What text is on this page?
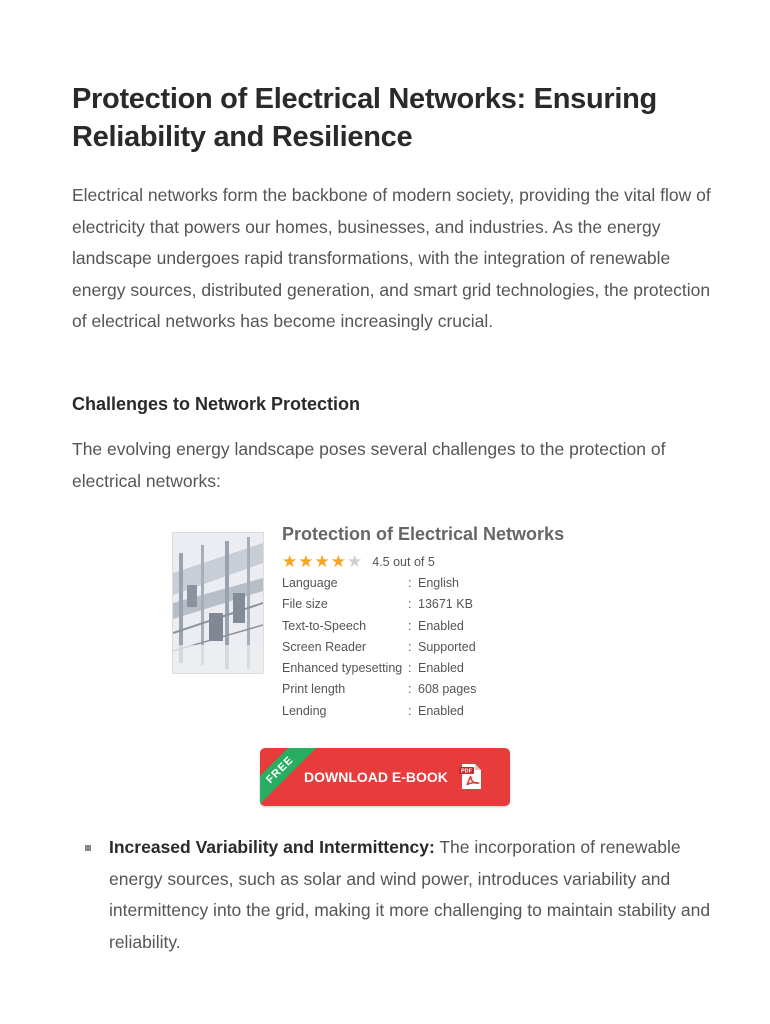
Protection of Electrical Networks: Ensuring Reliability and Resilience

Electrical networks form the backbone of modern society, providing the vital flow of electricity that powers our homes, businesses, and industries. As the energy landscape undergoes rapid transformations, with the integration of renewable energy sources, distributed generation, and smart grid technologies, the protection of electrical networks has become increasingly crucial.

Challenges to Network Protection

The evolving energy landscape poses several challenges to the protection of electrical networks:

Protection of Electrical Networks
★ ★ ★ ★ ★ 4.5 out of 5
Language	: English
File size	: 13671 KB
Text-to-Speech	: Enabled
Screen Reader	: Supported
Enhanced typesetting : Enabled
Print length	: 608 pages
Lending	: Enabled
FREE DOWNLOAD E-BOOK PDF
Increased Variability and Intermittency: The incorporation of renewable energy sources, such as solar and wind power, introduces variability and intermittency into the grid, making it more challenging to maintain stability and reliability.
